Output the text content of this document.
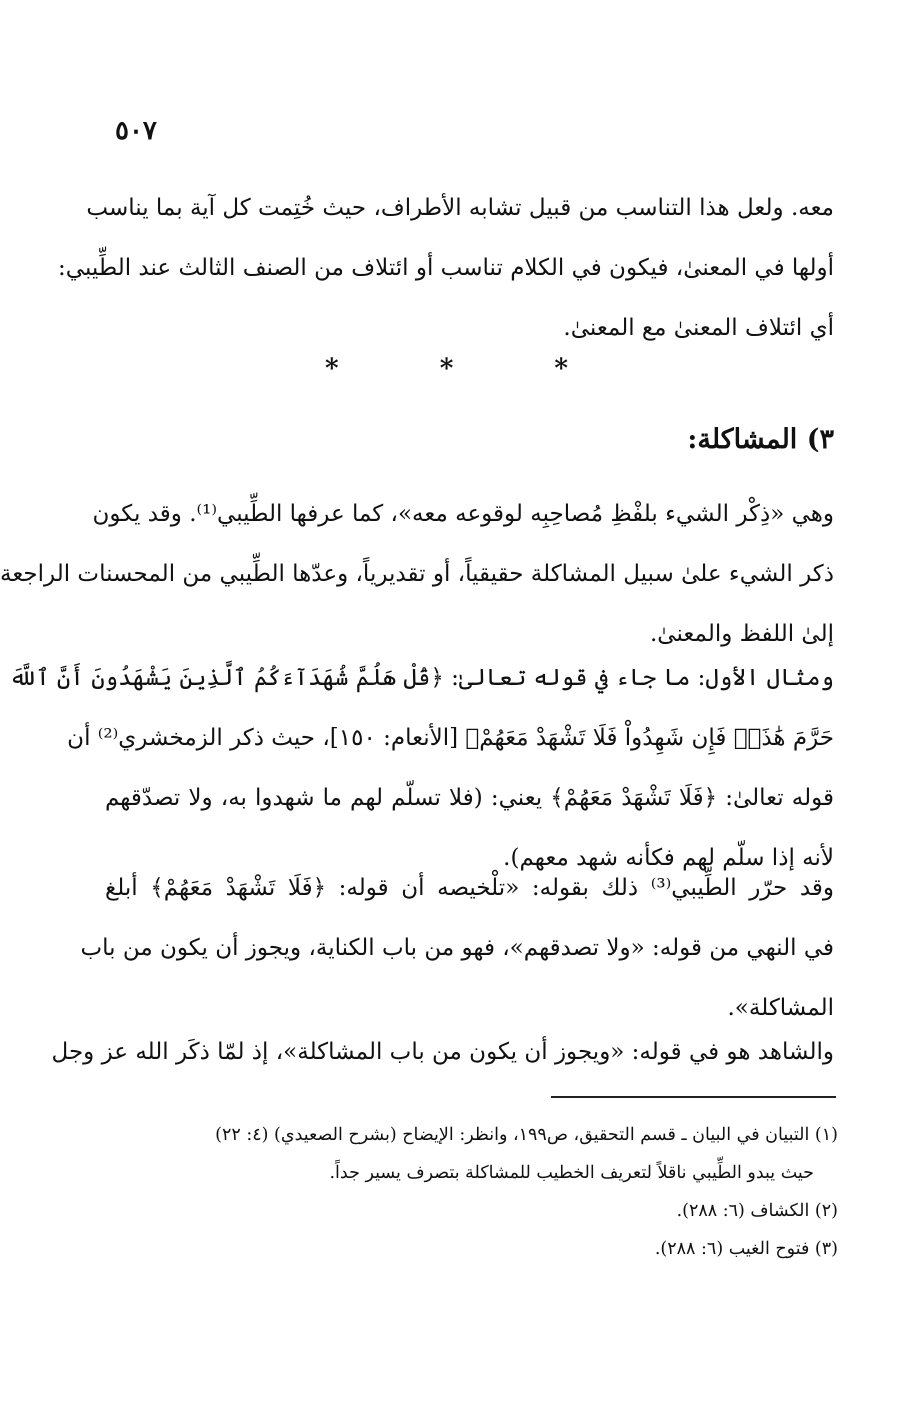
٥٠٧
معه. ولعل هذا التناسب من قبيل تشابه الأطراف، حيث خُتِمت كل آية بما يناسب
أولها في المعنىٰ، فيكون في الكلام تناسب أو ائتلاف من الصنف الثالث عند الطِّيبي:
أي ائتلاف المعنىٰ مع المعنىٰ.
* * *
٣) المشاكلة:
وهي «ذِكْر الشيء بلفْظِ مُصاحِبِه لوقوعه معه»، كما عرفها الطِّيبي⁽¹⁾. وقد يكون
ذكر الشيء علىٰ سبيل المشاكلة حقيقياً، أو تقديرياً، وعدّها الطِّيبي من المحسنات الراجعة
إلىٰ اللفظ والمعنىٰ.
ومثال الأول: ما جاء في قوله تعالىٰ: ﴿قُلْ هَلُمَّ شُهَدَآءَكُمُ ٱلَّذِينَ يَشْهَدُونَ أَنَّ ٱللَّهَ
حَرَّمَ هَٰذَاۖ فَإِن شَهِدُواْ فَلَا تَشْهَدْ مَعَهُمْ﴾ [الأنعام: ١٥٠]، حيث ذكر الزمخشري⁽²⁾ أن
قوله تعالىٰ: ﴿فَلَا تَشْهَدْ مَعَهُمْ﴾ يعني: (فلا تسلّم لهم ما شهدوا به، ولا تصدّقهم
لأنه إذا سلّم لهم فكأنه شهد معهم).
وقد حرّر الطِّيبي⁽³⁾ ذلك بقوله: «تلْخيصه أن قوله: ﴿فَلَا تَشْهَدْ مَعَهُمْ﴾ أبلغ
في النهي من قوله: «ولا تصدقهم»، فهو من باب الكناية، ويجوز أن يكون من باب
المشاكلة».
والشاهد هو في قوله: «ويجوز أن يكون من باب المشاكلة»، إذ لمّا ذكَر الله عز وجل
(١) التبيان في البيان ـ قسم التحقيق، ص١٩٩، وانظر: الإيضاح (بشرح الصعيدي) (٤: ٢٢)
حيث يبدو الطِّيبي ناقلاً لتعريف الخطيب للمشاكلة بتصرف يسير جداً.
(٢) الكشاف (٦: ٢٨٨).
(٣) فتوح الغيب (٦: ٢٨٨).
